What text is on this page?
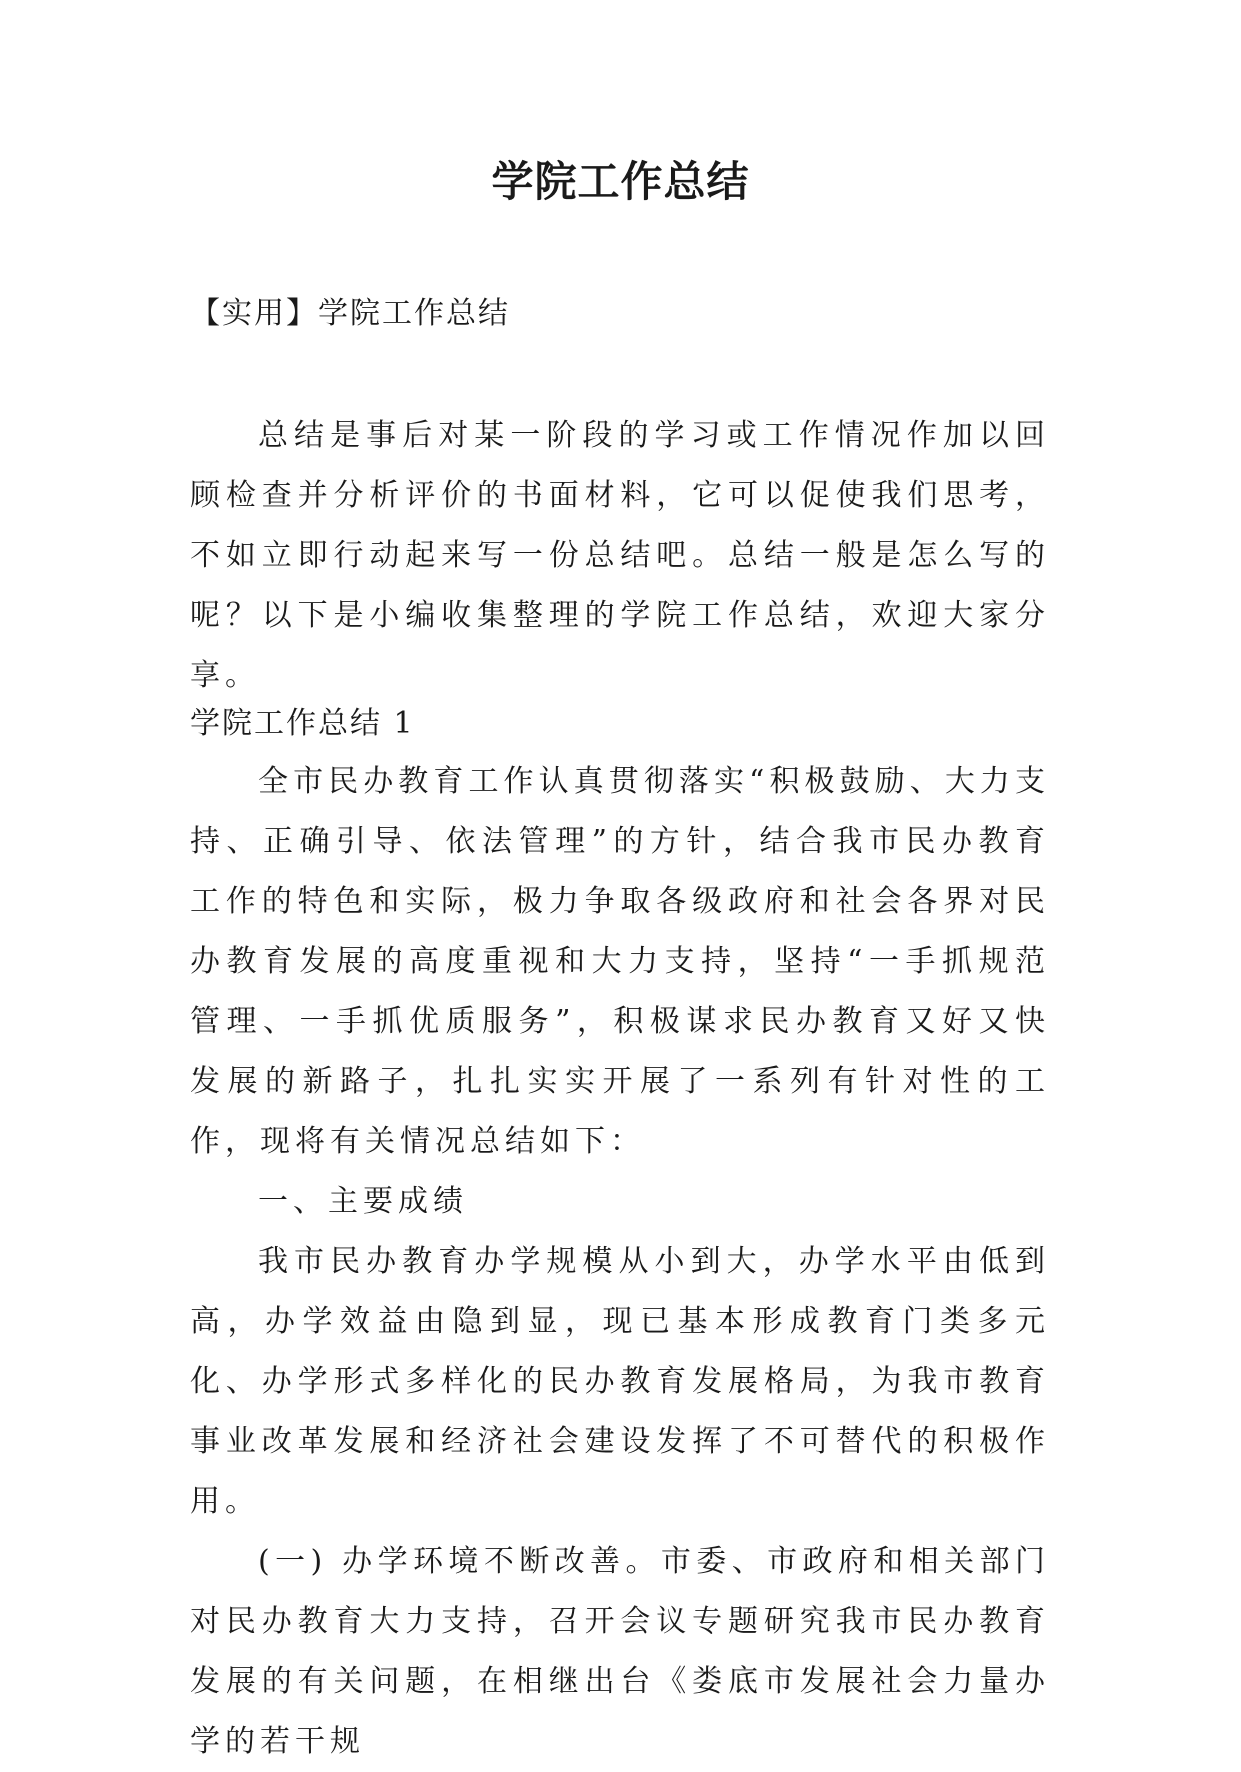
学院工作总结
【实用】学院工作总结

总结是事后对某一阶段的学习或工作情况作加以回顾检查并分析评价的书面材料，它可以促使我们思考，不如立即行动起来写一份总结吧。总结一般是怎么写的呢？以下是小编收集整理的学院工作总结，欢迎大家分享。

学院工作总结 1

全市民办教育工作认真贯彻落实“积极鼓励、大力支持、正确引导、依法管理”的方针，结合我市民办教育工作的特色和实际，极力争取各级政府和社会各界对民办教育发展的高度重视和大力支持，坚持“一手抓规范管理、一手抓优质服务”，积极谋求民办教育又好又快发展的新路子，扎扎实实开展了一系列有针对性的工作，现将有关情况总结如下：

一、主要成绩

我市民办教育办学规模从小到大，办学水平由低到高，办学效益由隐到显，现已基本形成教育门类多元化、办学形式多样化的民办教育发展格局，为我市教育事业改革发展和经济社会建设发挥了不可替代的积极作用。

(一) 办学环境不断改善。市委、市政府和相关部门对民办教育大力支持，召开会议专题研究我市民办教育发展的有关问题，在相继出台《娄底市发展社会力量办学的若干规
